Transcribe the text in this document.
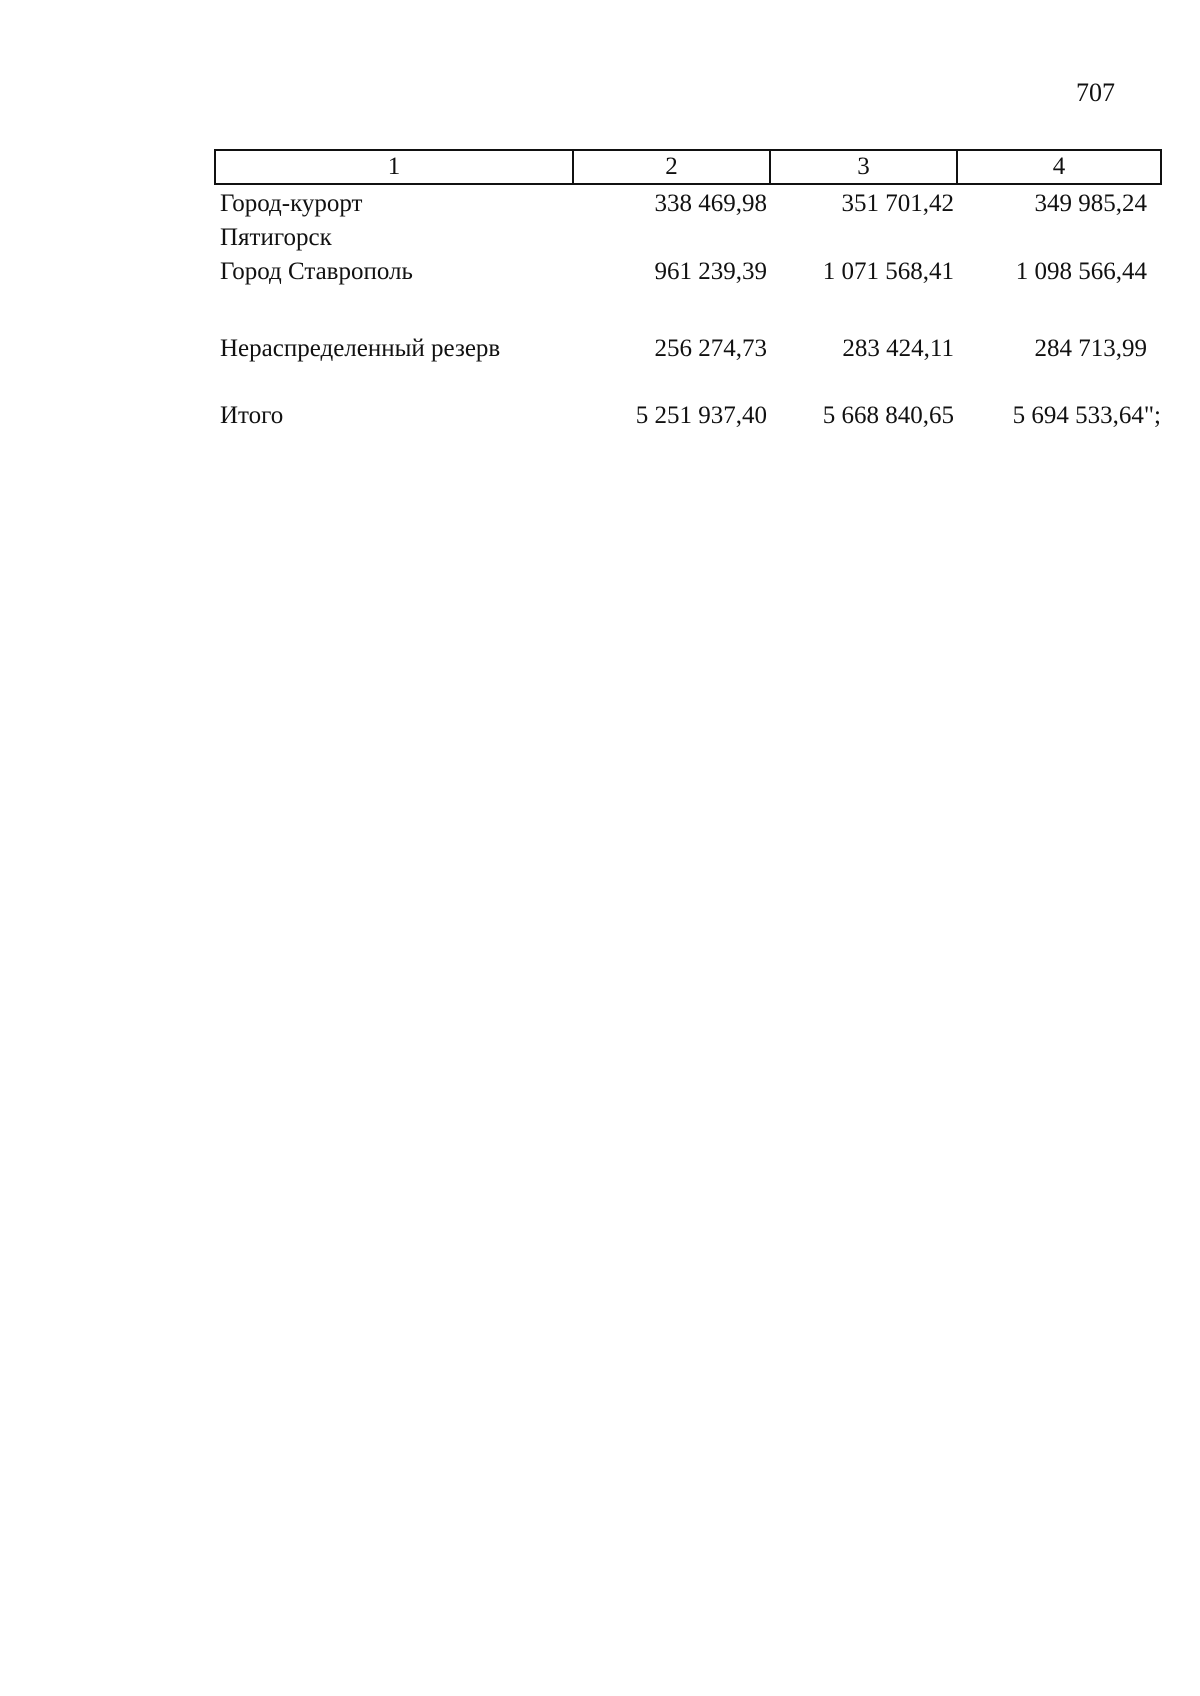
707
1	2	3	4
Город-курорт
Пятигорск	338 469,98	351 701,42	349 985,24
Город Ставрополь	961 239,39	1 071 568,41	1 098 566,44
Нераспределенный резерв	256 274,73	283 424,11	284 713,99
Итого	5 251 937,40	5 668 840,65	5 694 533,64";
